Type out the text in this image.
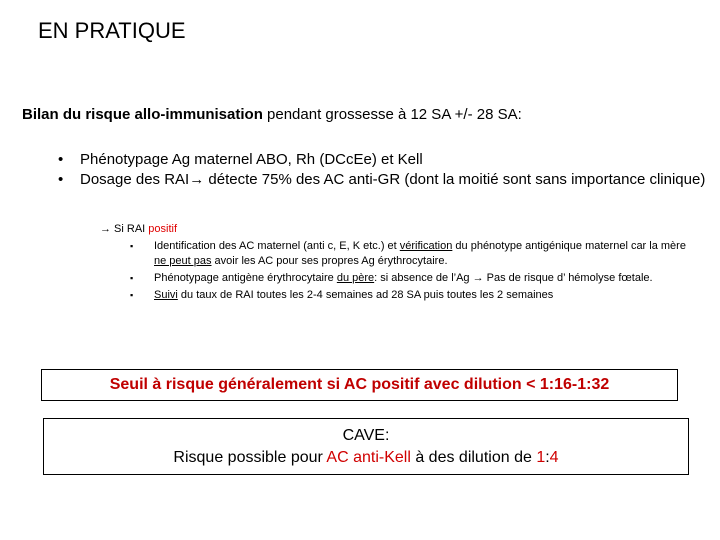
EN PRATIQUE
Bilan du risque allo-immunisation pendant grossesse à 12 SA +/- 28 SA:
• Phénotypage Ag maternel ABO, Rh (DCcEe) et Kell
• Dosage des RAI→ détecte 75% des AC anti-GR (dont la moitié sont sans importance clinique)
→ Si RAI positif
▪ Identification des AC maternel (anti c, E, K etc.) et vérification du phénotype antigénique maternel car la mère ne peut pas avoir les AC pour ses propres Ag érythrocytaire.
▪ Phénotypage antigène érythrocytaire du père: si absence de l’Ag → Pas de risque d’ hémolyse fœtale.
▪ Suivi du taux de RAI toutes les 2-4 semaines ad 28 SA puis toutes les 2 semaines
Seuil à risque généralement si AC positif avec dilution < 1:16-1:32
CAVE:
Risque possible pour AC anti-Kell à des dilution de 1:4
